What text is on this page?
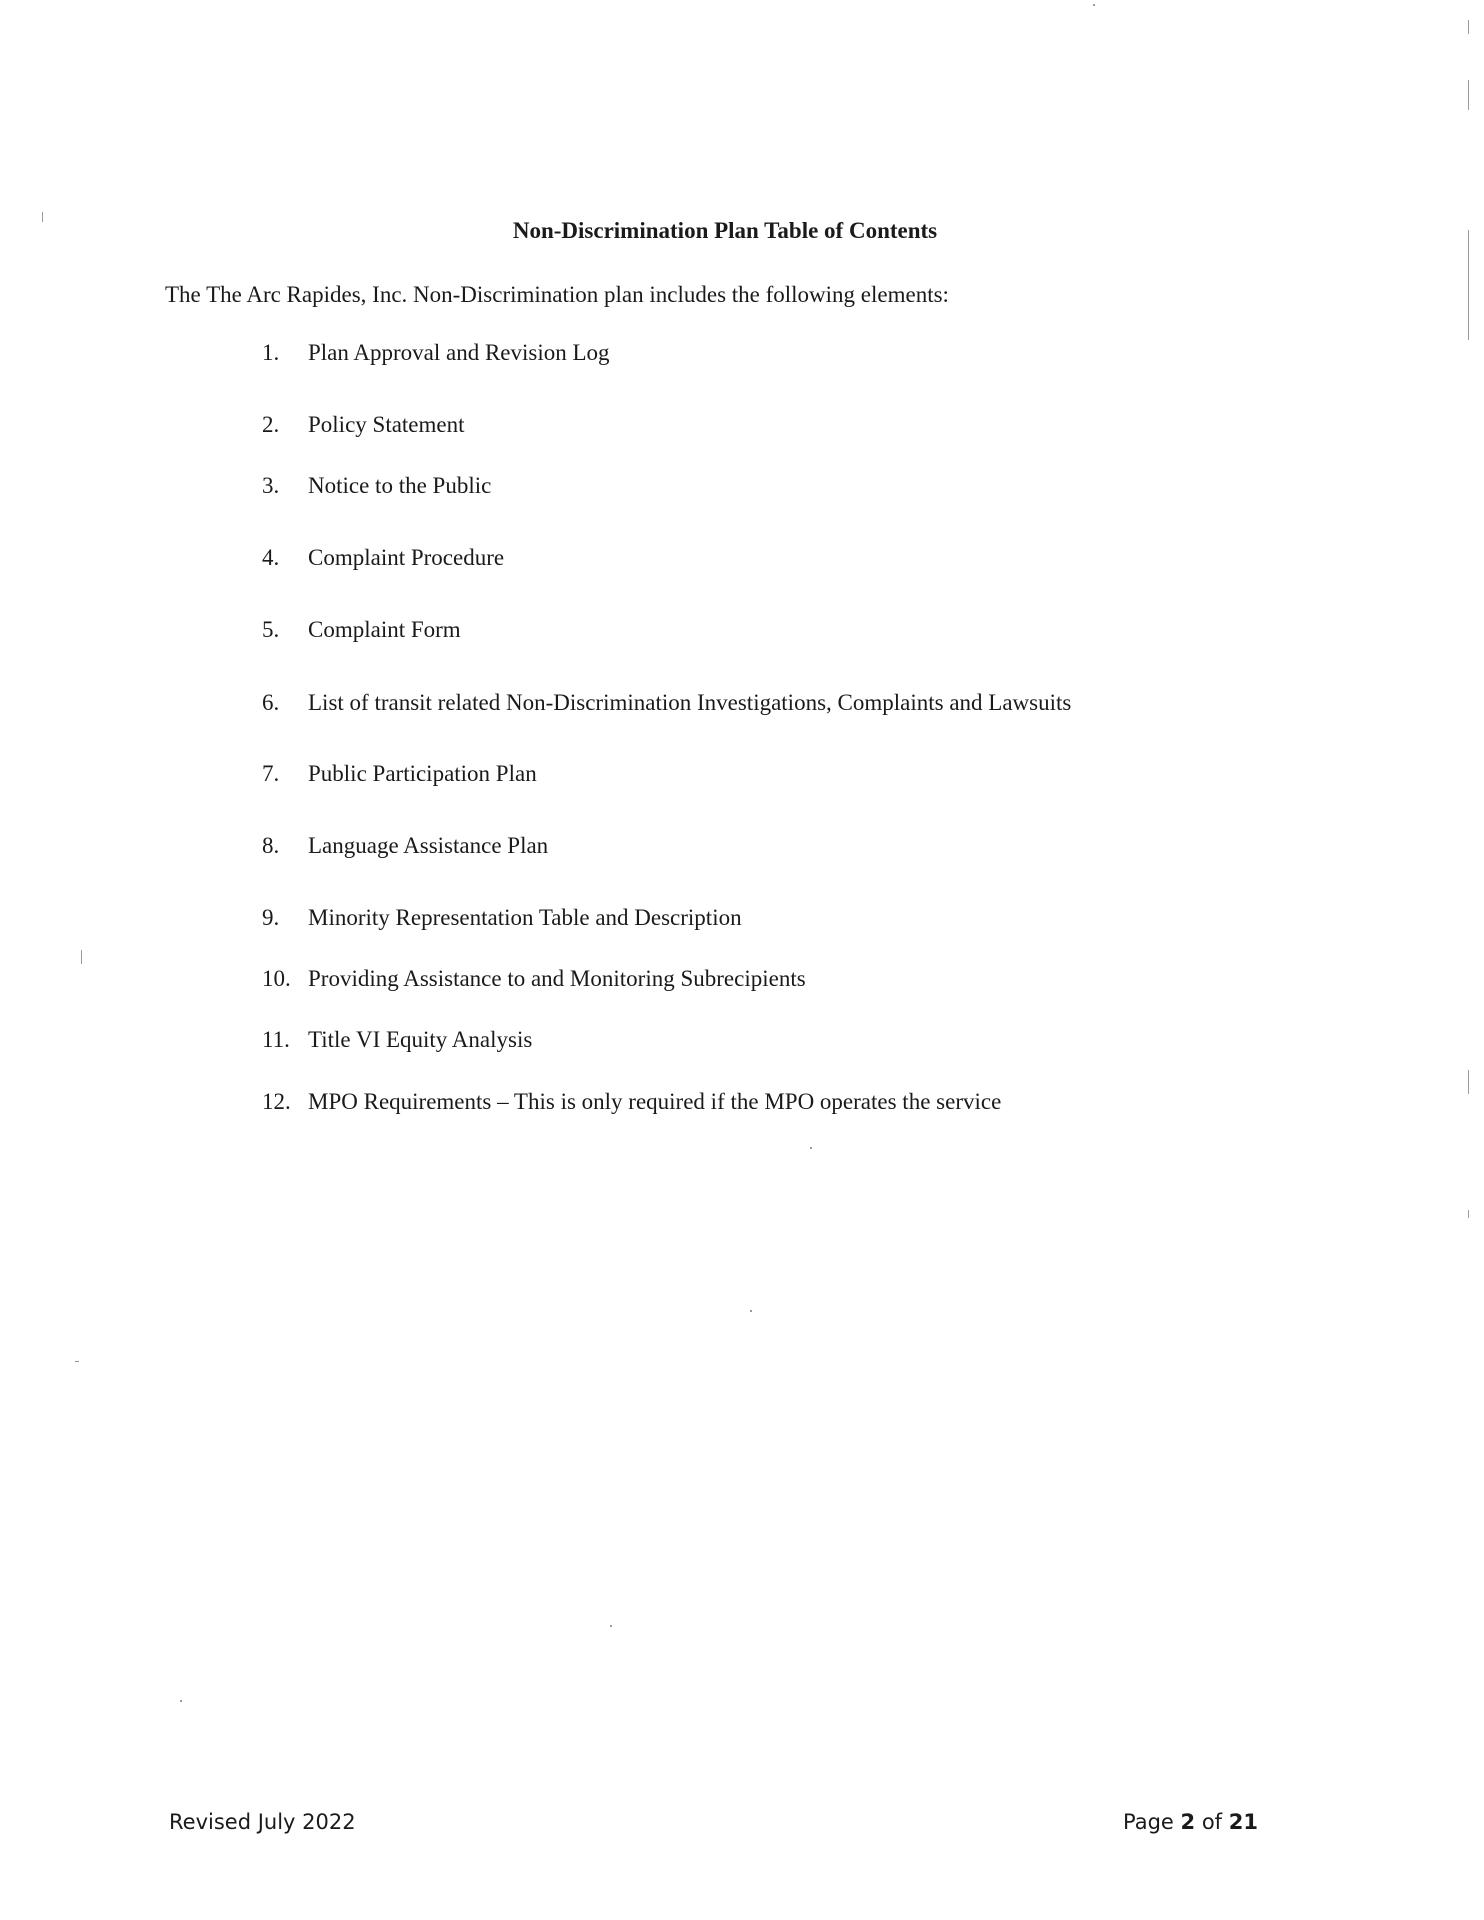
Non-Discrimination Plan Table of Contents
The The Arc Rapides, Inc. Non-Discrimination plan includes the following elements:
1. Plan Approval and Revision Log
2. Policy Statement
3. Notice to the Public
4. Complaint Procedure
5. Complaint Form
6. List of transit related Non-Discrimination Investigations, Complaints and Lawsuits
7. Public Participation Plan
8. Language Assistance Plan
9. Minority Representation Table and Description
10. Providing Assistance to and Monitoring Subrecipients
11. Title VI Equity Analysis
12. MPO Requirements – This is only required if the MPO operates the service
Revised July 2022	Page 2 of 21
